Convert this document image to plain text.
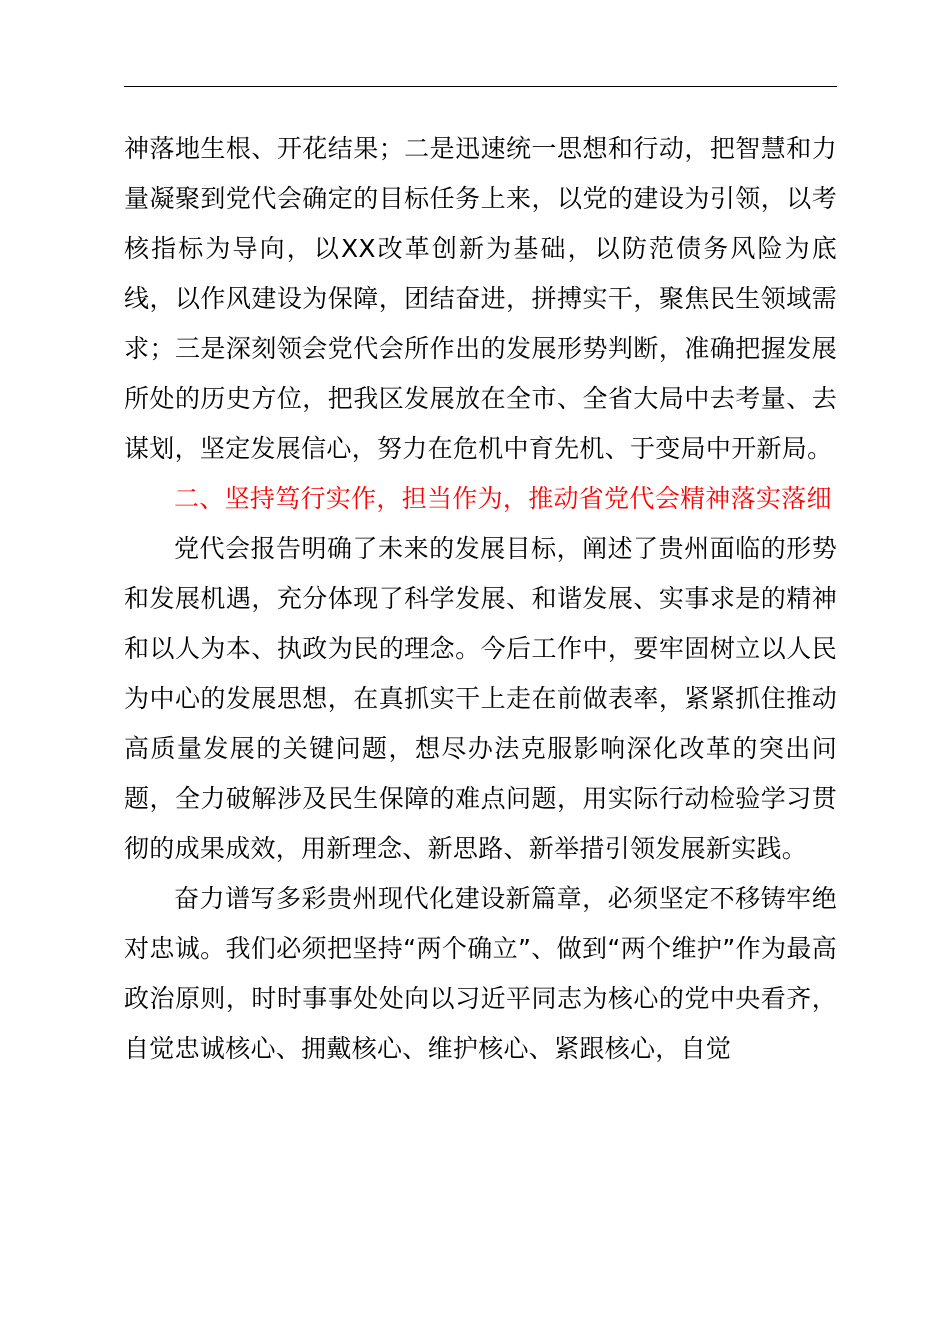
神落地生根、开花结果；二是迅速统一思想和行动，把智慧和力量凝聚到党代会确定的目标任务上来，以党的建设为引领，以考核指标为导向，以XX改革创新为基础，以防范债务风险为底线，以作风建设为保障，团结奋进，拼搏实干，聚焦民生领域需求；三是深刻领会党代会所作出的发展形势判断，准确把握发展所处的历史方位，把我区发展放在全市、全省大局中去考量、去谋划，坚定发展信心，努力在危机中育先机、于变局中开新局。

二、坚持笃行实作，担当作为，推动省党代会精神落实落细

党代会报告明确了未来的发展目标，阐述了贵州面临的形势和发展机遇，充分体现了科学发展、和谐发展、实事求是的精神和以人为本、执政为民的理念。今后工作中，要牢固树立以人民为中心的发展思想，在真抓实干上走在前做表率，紧紧抓住推动高质量发展的关键问题，想尽办法克服影响深化改革的突出问题，全力破解涉及民生保障的难点问题，用实际行动检验学习贯彻的成果成效，用新理念、新思路、新举措引领发展新实践。

奋力谱写多彩贵州现代化建设新篇章，必须坚定不移铸牢绝对忠诚。我们必须把坚持“两个确立”、做到“两个维护”作为最高政治原则，时时事事处处向以习近平同志为核心的党中央看齐，自觉忠诚核心、拥戴核心、维护核心、紧跟核心，自觉
